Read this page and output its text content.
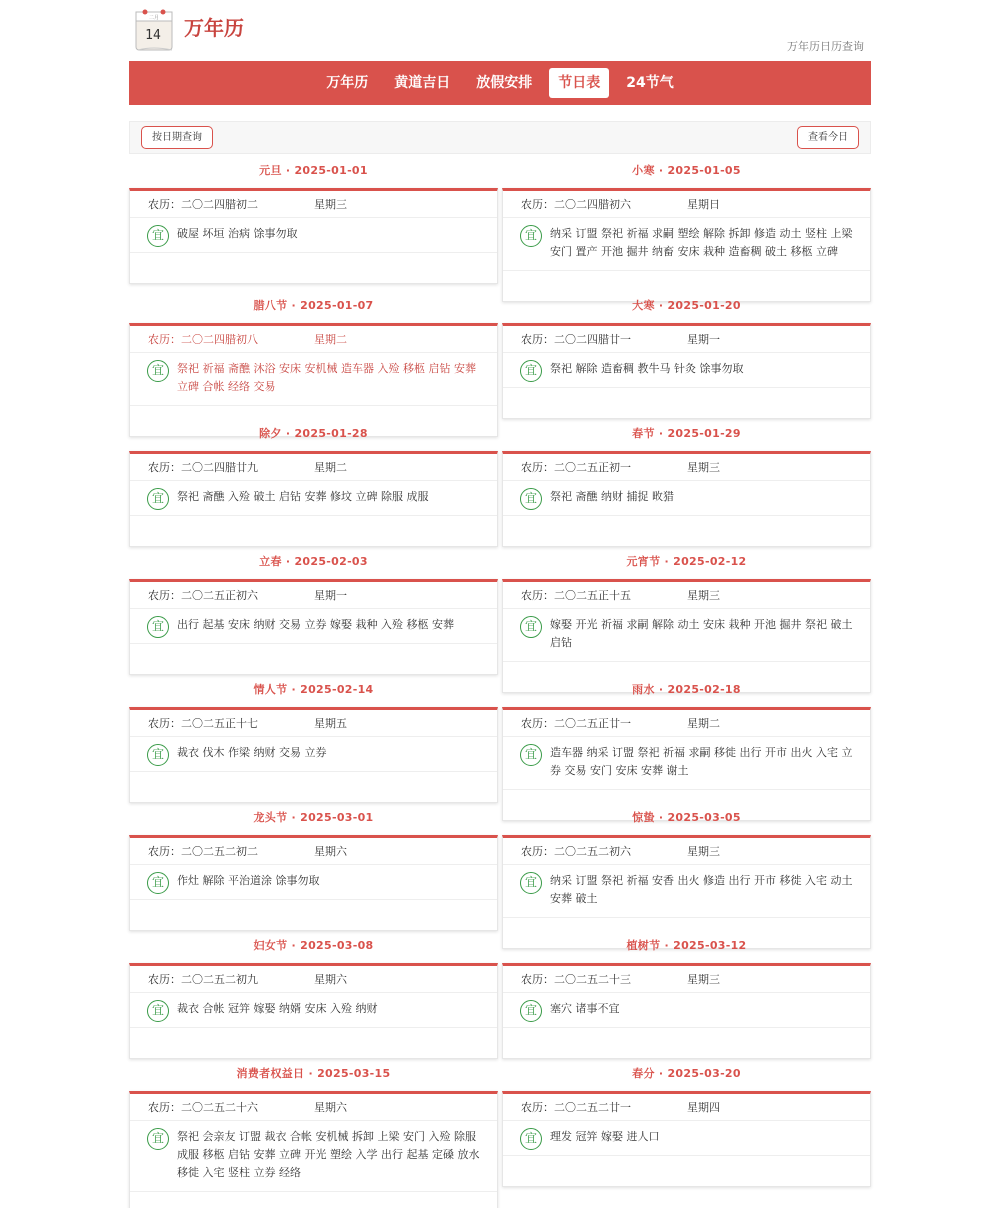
二月
14 万年历
万年历日历查询
万年历	黄道吉日	放假安排	节日表	24节气
按日期查询	查看今日
元旦 · 2025-01-01
农历：二〇二四腊初二	星期三
宜	破屋 坏垣 治病 馀事勿取
小寒 · 2025-01-05
农历：二〇二四腊初六	星期日
宜	纳采 订盟 祭祀 祈福 求嗣 塑绘 解除 拆卸 修造 动土 竖柱 上梁 安门 置产 开池 掘井 纳畜 安床 栽种 造畜稠 破土 移柩 立碑
腊八节 · 2025-01-07
农历：二〇二四腊初八	星期二
宜	祭祀 祈福 斋醮 沐浴 安床 安机械 造车器 入殓 移柩 启钻 安葬 立碑 合帐 经络 交易
大寒 · 2025-01-20
农历：二〇二四腊廿一	星期一
宜	祭祀 解除 造畜稠 教牛马 针灸 馀事勿取
除夕 · 2025-01-28
农历：二〇二四腊廿九	星期二
宜	祭祀 斋醮 入殓 破土 启钻 安葬 修坟 立碑 除服 成服
春节 · 2025-01-29
农历：二〇二五正初一	星期三
宜	祭祀 斋醮 纳财 捕捉 畋猎
立春 · 2025-02-03
农历：二〇二五正初六	星期一
宜	出行 起基 安床 纳财 交易 立券 嫁娶 栽种 入殓 移柩 安葬
元宵节 · 2025-02-12
农历：二〇二五正十五	星期三
宜	嫁娶 开光 祈福 求嗣 解除 动土 安床 栽种 开池 掘井 祭祀 破土 启钻
情人节 · 2025-02-14
农历：二〇二五正十七	星期五
宜	裁衣 伐木 作梁 纳财 交易 立券
雨水 · 2025-02-18
农历：二〇二五正廿一	星期二
宜	造车器 纳采 订盟 祭祀 祈福 求嗣 移徙 出行 开市 出火 入宅 立券 交易 安门 安床 安葬 谢土
龙头节 · 2025-03-01
农历：二〇二五二初二	星期六
宜	作灶 解除 平治道涂 馀事勿取
惊蛰 · 2025-03-05
农历：二〇二五二初六	星期三
宜	纳采 订盟 祭祀 祈福 安香 出火 修造 出行 开市 移徙 入宅 动土 安葬 破土
妇女节 · 2025-03-08
农历：二〇二五二初九	星期六
宜	裁衣 合帐 冠笄 嫁娶 纳婿 安床 入殓 纳财
植树节 · 2025-03-12
农历：二〇二五二十三	星期三
宜	塞穴 诸事不宜
消费者权益日 · 2025-03-15
农历：二〇二五二十六	星期六
宜	祭祀 会亲友 订盟 裁衣 合帐 安机械 拆卸 上梁 安门 入殓 除服 成服 移柩 启钻 安葬 立碑 开光 塑绘 入学 出行 起基 定磉 放水 移徙 入宅 竖柱 立券 经络
春分 · 2025-03-20
农历：二〇二五二廿一	星期四
宜	理发 冠笄 嫁娶 进人口
